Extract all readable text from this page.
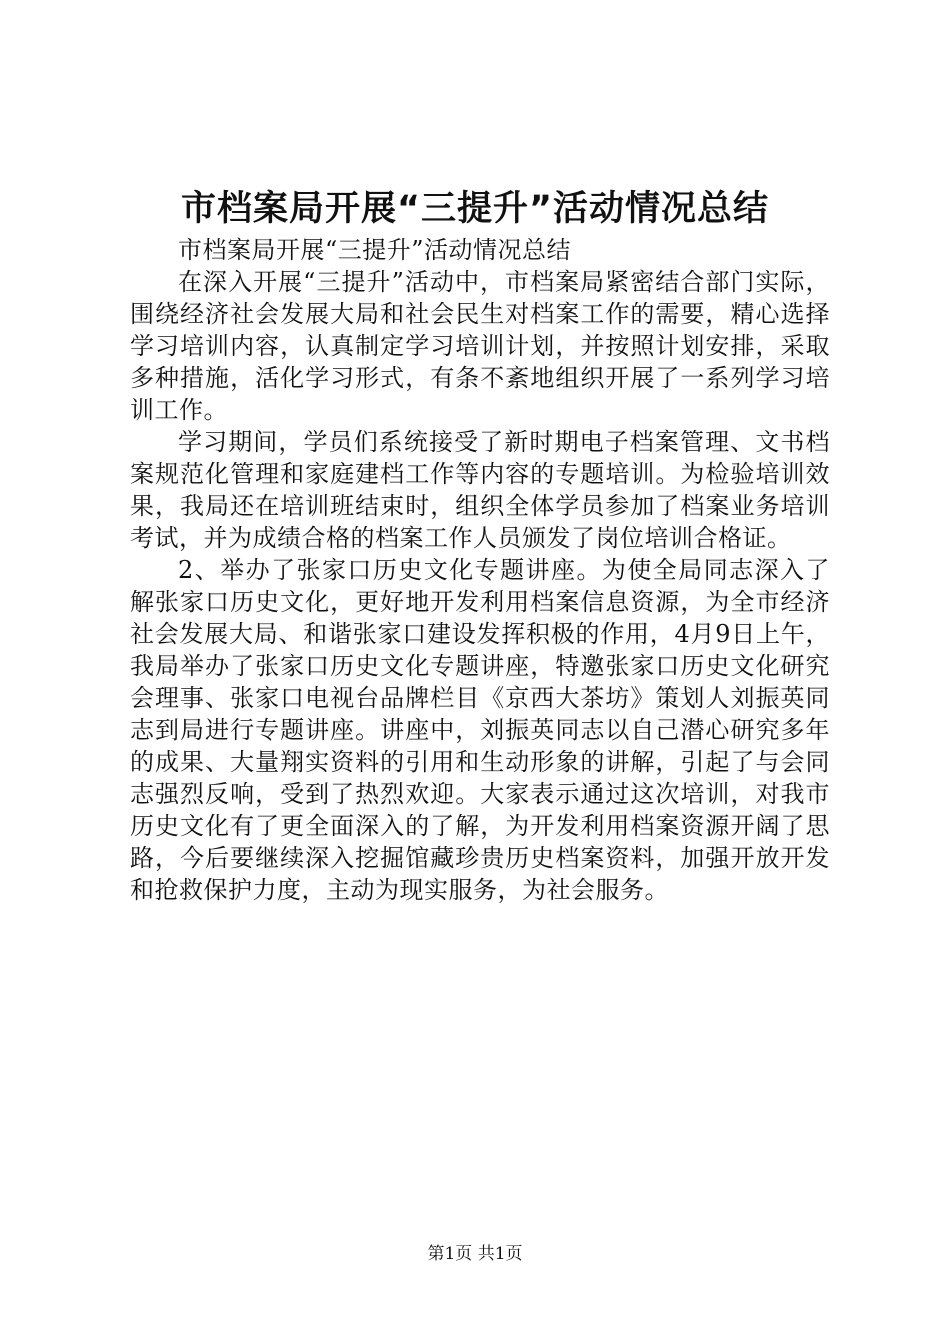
市档案局开展“三提升”活动情况总结

市档案局开展“三提升”活动情况总结

在深入开展“三提升”活动中，市档案局紧密结合部门实际，围绕经济社会发展大局和社会民生对档案工作的需要，精心选择学习培训内容，认真制定学习培训计划，并按照计划安排，采取多种措施，活化学习形式，有条不紊地组织开展了一系列学习培训工作。

学习期间，学员们系统接受了新时期电子档案管理、文书档案规范化管理和家庭建档工作等内容的专题培训。为检验培训效果，我局还在培训班结束时，组织全体学员参加了档案业务培训考试，并为成绩合格的档案工作人员颁发了岗位培训合格证。

2、举办了张家口历史文化专题讲座。为使全局同志深入了解张家口历史文化，更好地开发利用档案信息资源，为全市经济社会发展大局、和谐张家口建设发挥积极的作用，4月9日上午，我局举办了张家口历史文化专题讲座，特邀张家口历史文化研究会理事、张家口电视台品牌栏目《京西大茶坊》策划人刘振英同志到局进行专题讲座。讲座中，刘振英同志以自己潜心研究多年的成果、大量翔实资料的引用和生动形象的讲解，引起了与会同志强烈反响，受到了热烈欢迎。大家表示通过这次培训，对我市历史文化有了更全面深入的了解，为开发利用档案资源开阔了思路，今后要继续深入挖掘馆藏珍贵历史档案资料，加强开放开发和抢救保护力度，主动为现实服务，为社会服务。

第1页 共1页
